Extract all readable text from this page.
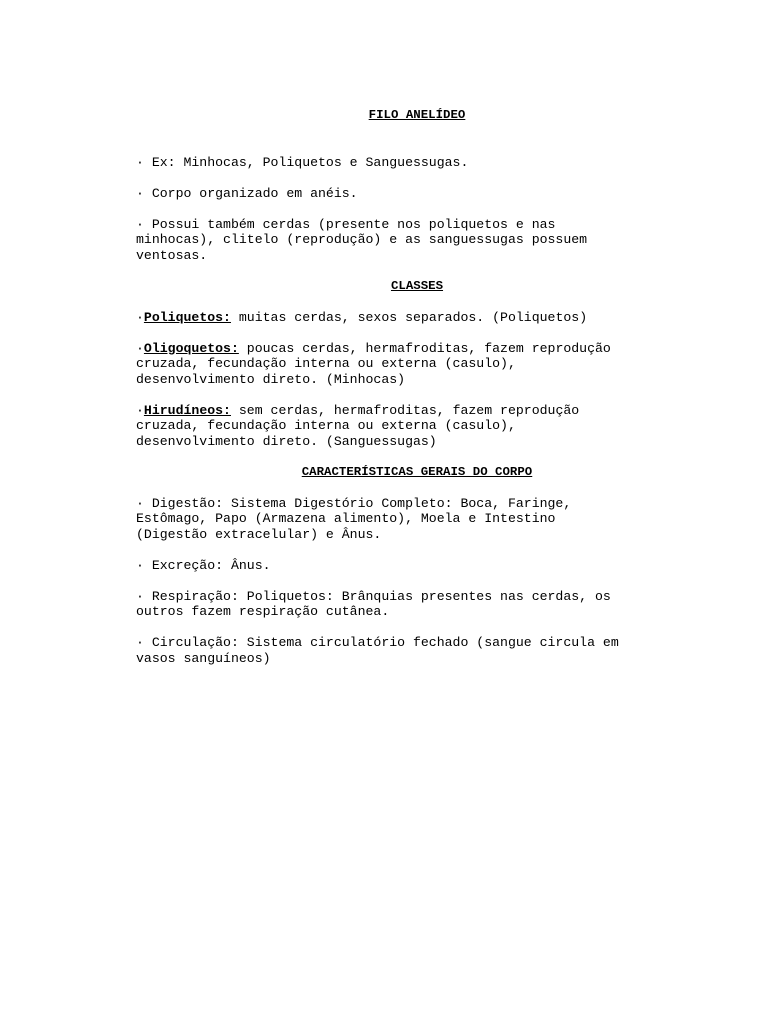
FILO ANELÍDEO

· Ex: Minhocas, Poliquetos e Sanguessugas.

· Corpo organizado em anéis.

· Possui também cerdas (presente nos poliquetos e nas
minhocas), clitelo (reprodução) e as sanguessugas possuem
ventosas.

CLASSES

·Poliquetos: muitas cerdas, sexos separados. (Poliquetos)

·Oligoquetos: poucas cerdas, hermafroditas, fazem reprodução
cruzada, fecundação interna ou externa (casulo),
desenvolvimento direto. (Minhocas)

·Hirudíneos: sem cerdas, hermafroditas, fazem reprodução
cruzada, fecundação interna ou externa (casulo),
desenvolvimento direto. (Sanguessugas)

CARACTERÍSTICAS GERAIS DO CORPO

· Digestão: Sistema Digestório Completo: Boca, Faringe,
Estômago, Papo (Armazena alimento), Moela e Intestino
(Digestão extracelular) e Ânus.

· Excreção: Ânus.

· Respiração: Poliquetos: Brânquias presentes nas cerdas, os
outros fazem respiração cutânea.

· Circulação: Sistema circulatório fechado (sangue circula em
vasos sanguíneos)
